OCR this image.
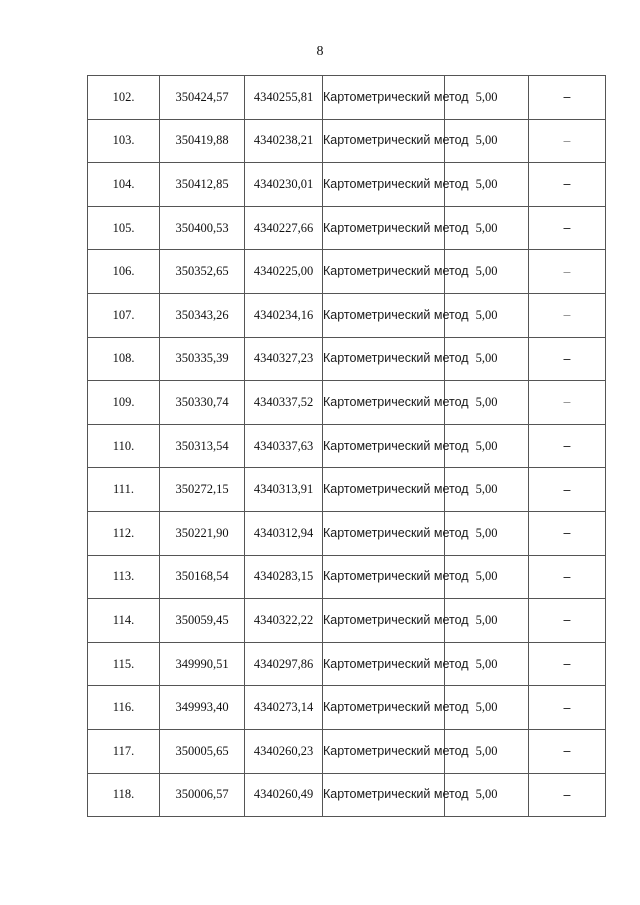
8
102.	350424,57	4340255,81	Картометрический метод	5,00	–
103.	350419,88	4340238,21	Картометрический метод	5,00	–
104.	350412,85	4340230,01	Картометрический метод	5,00	–
105.	350400,53	4340227,66	Картометрический метод	5,00	–
106.	350352,65	4340225,00	Картометрический метод	5,00	–
107.	350343,26	4340234,16	Картометрический метод	5,00	–
108.	350335,39	4340327,23	Картометрический метод	5,00	–
109.	350330,74	4340337,52	Картометрический метод	5,00	–
110.	350313,54	4340337,63	Картометрический метод	5,00	–
111.	350272,15	4340313,91	Картометрический метод	5,00	–
112.	350221,90	4340312,94	Картометрический метод	5,00	–
113.	350168,54	4340283,15	Картометрический метод	5,00	–
114.	350059,45	4340322,22	Картометрический метод	5,00	–
115.	349990,51	4340297,86	Картометрический метод	5,00	–
116.	349993,40	4340273,14	Картометрический метод	5,00	–
117.	350005,65	4340260,23	Картометрический метод	5,00	–
118.	350006,57	4340260,49	Картометрический метод	5,00	–
